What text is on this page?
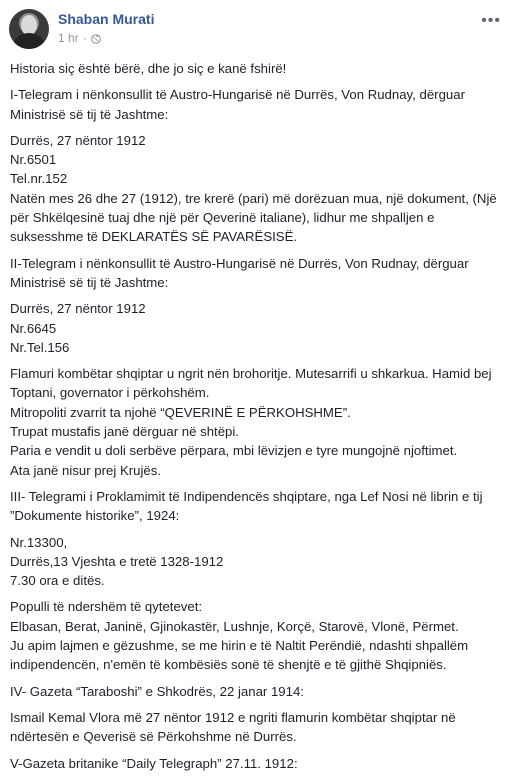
Shaban Murati
1 hr ·
•••

Historia siç është bërë, dhe jo siç e kanë fshirë!

I-Telegram i nënkonsullit të Austro-Hungarisë në Durrës, Von Rudnay, dërguar Ministrisë së tij të Jashtme:

Durrës, 27 nëntor 1912
Nr.6501
Tel.nr.152
Natën mes 26 dhe 27 (1912), tre krerë (pari) më dorëzuan mua, një dokument, (Një për Shkëlqesinë tuaj dhe një për Qeverinë italiane), lidhur me shpalljen e suksesshme të DEKLARATËS SË PAVARËSISË.

II-Telegram i nënkonsullit të Austro-Hungarisë në Durrës, Von Rudnay, dërguar Ministrisë së tij të Jashtme:

Durrës, 27 nëntor 1912
Nr.6645
Nr.Tel.156

Flamuri kombëtar shqiptar u ngrit nën brohoritje. Mutesarrifi u shkarkua. Hamid bej Toptani, governator i përkohshëm.
Mitropoliti zvarrit ta njohë “QEVERINË E PËRKOHSHME”.
Trupat mustafis janë dërguar në shtëpi.
Paria e vendit u doli serbëve përpara, mbi lëvizjen e tyre mungojnë njoftimet.
Ata janë nisur prej Krujës.

III- Telegrami i Proklamimit të Indipendencës shqiptare, nga Lef Nosi në librin e tij ”Dokumente historike”, 1924:

Nr.13300,
Durrës,13 Vjeshta e tretë 1328-1912
7.30 ora e ditës.

Populli të ndershëm të qytetevet:
Elbasan, Berat, Janinë, Gjinokastër, Lushnje, Korçë, Starovë, Vlonë, Përmet.
Ju apim lajmen e gëzushme, se me hirin e të Naltit Perëndië, ndashti shpallëm indipendencën, n'emën të kombësiës sonë të shenjtë e të gjithë Shqipniës.

IV- Gazeta “Taraboshi” e Shkodrës, 22 janar 1914:

Ismail Kemal Vlora më 27 nëntor 1912 e ngriti flamurin kombëtar shqiptar në ndërtesën e Qeverisë së Përkohshme në Durrës.

V-Gazeta britanike “Daily Telegraph” 27.11. 1912:
